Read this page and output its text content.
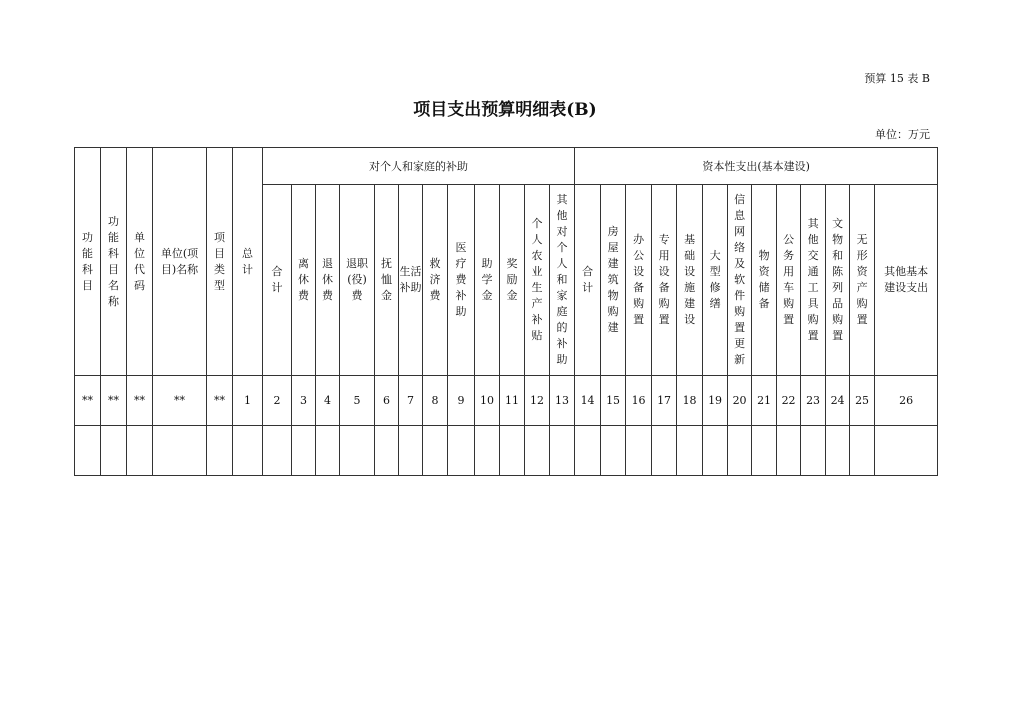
预算 15 表 B
项目支出预算明细表(B)
单位：万元
功能科目	功能科目名称	单位代码	单位(项目)名称	项目类型	总计	对个人和家庭的补助												资本性支出(基本建设)												
						合计	离休费	退休费	退职(役)费	抚恤金	生活补助	救济费	医疗费补助	助学金	奖励金	个人农业生产补贴	其他对个人和家庭的补助	合计	房屋建筑物购建	办公设备购置	专用设备购置	基础设施建设	大型修缮	信息网络及软件购置更新	物资储备	公务用车购置	其他交通工具购置	文物和陈列品购置	无形资产购置	其他基本建设支出
**	**	**	**	**	1	2	3	4	5	6	7	8	9	10	11	12	13	14	15	16	17	18	19	20	21	22	23	24	25	26
